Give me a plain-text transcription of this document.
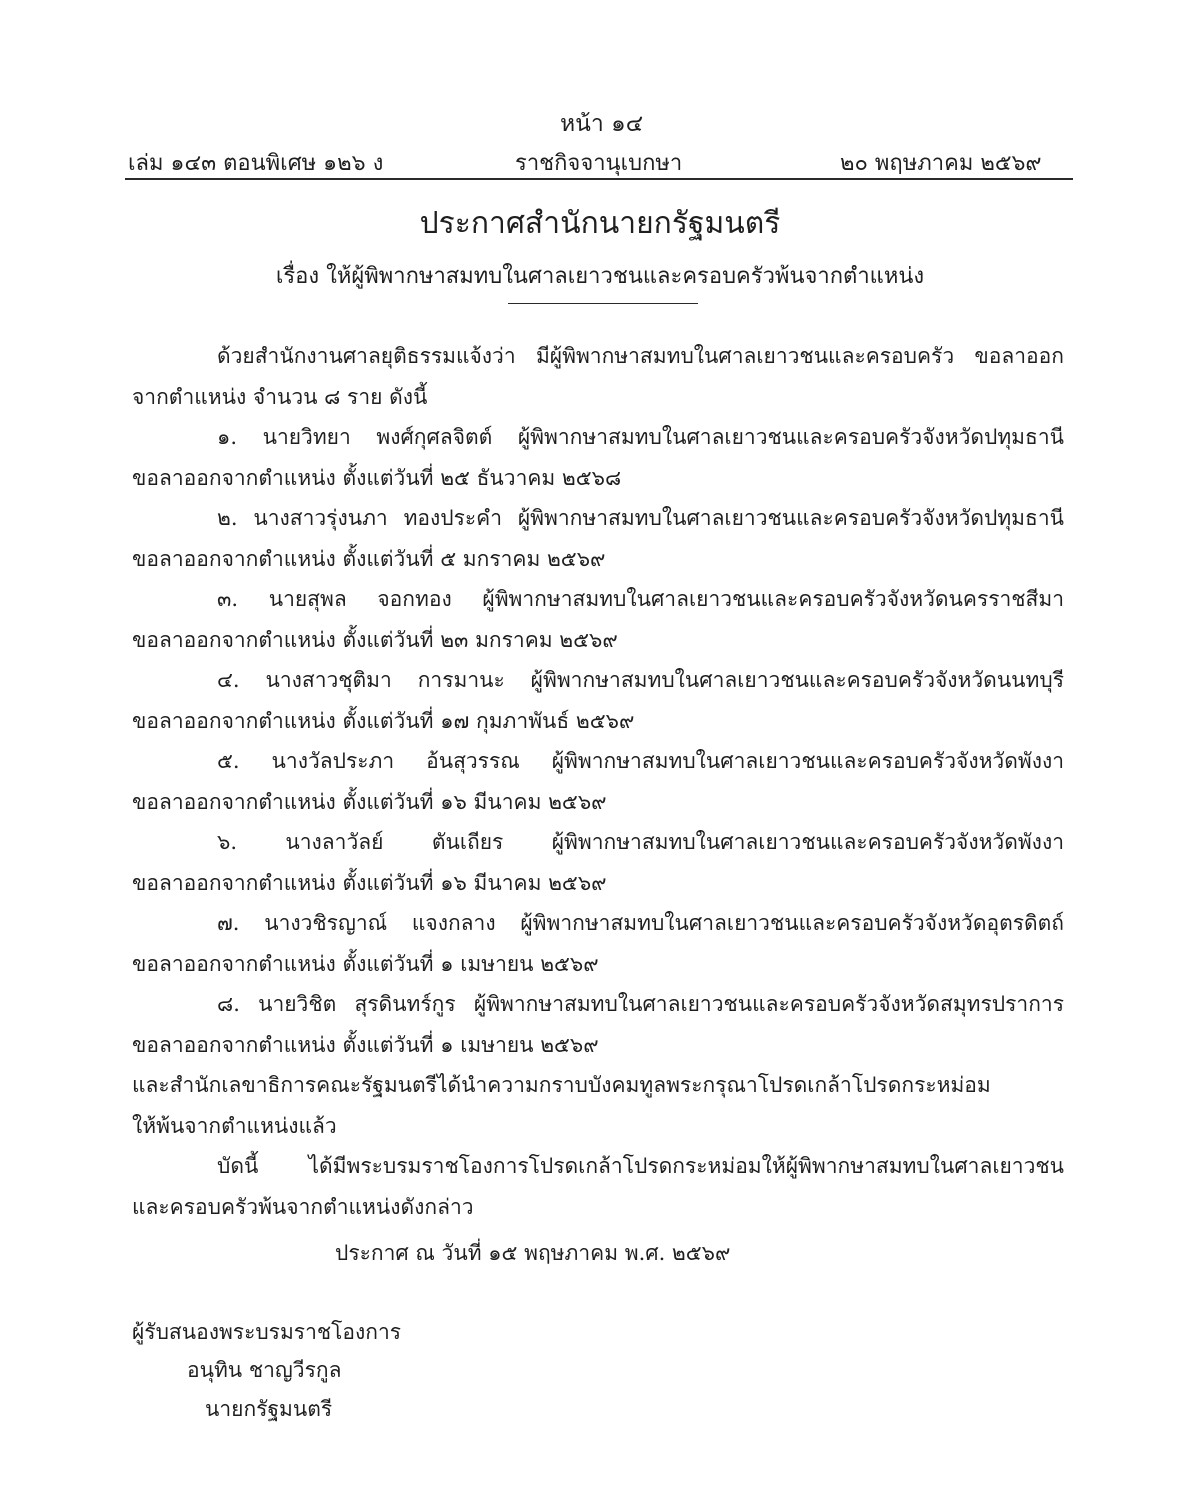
หน้า ๑๔
เล่ม ๑๔๓ ตอนพิเศษ ๑๒๖ ง	ราชกิจจานุเบกษา	๒๐ พฤษภาคม ๒๕๖๙
ประกาศสำนักนายกรัฐมนตรี
เรื่อง ให้ผู้พิพากษาสมทบในศาลเยาวชนและครอบครัวพ้นจากตำแหน่ง
ด้วยสำนักงานศาลยุติธรรมแจ้งว่า มีผู้พิพากษาสมทบในศาลเยาวชนและครอบครัว ขอลาออก
จากตำแหน่ง จำนวน ๘ ราย ดังนี้
๑. นายวิทยา พงศ์กุศลจิตต์ ผู้พิพากษาสมทบในศาลเยาวชนและครอบครัวจังหวัดปทุมธานี
ขอลาออกจากตำแหน่ง ตั้งแต่วันที่ ๒๕ ธันวาคม ๒๕๖๘
๒. นางสาวรุ่งนภา ทองประคำ ผู้พิพากษาสมทบในศาลเยาวชนและครอบครัวจังหวัดปทุมธานี
ขอลาออกจากตำแหน่ง ตั้งแต่วันที่ ๕ มกราคม ๒๕๖๙
๓. นายสุพล จอกทอง ผู้พิพากษาสมทบในศาลเยาวชนและครอบครัวจังหวัดนครราชสีมา
ขอลาออกจากตำแหน่ง ตั้งแต่วันที่ ๒๓ มกราคม ๒๕๖๙
๔. นางสาวชุติมา การมานะ ผู้พิพากษาสมทบในศาลเยาวชนและครอบครัวจังหวัดนนทบุรี
ขอลาออกจากตำแหน่ง ตั้งแต่วันที่ ๑๗ กุมภาพันธ์ ๒๕๖๙
๕. นางวัลประภา อ้นสุวรรณ ผู้พิพากษาสมทบในศาลเยาวชนและครอบครัวจังหวัดพังงา
ขอลาออกจากตำแหน่ง ตั้งแต่วันที่ ๑๖ มีนาคม ๒๕๖๙
๖. นางลาวัลย์ ตันเถียร ผู้พิพากษาสมทบในศาลเยาวชนและครอบครัวจังหวัดพังงา
ขอลาออกจากตำแหน่ง ตั้งแต่วันที่ ๑๖ มีนาคม ๒๕๖๙
๗. นางวชิรญาณ์ แจงกลาง ผู้พิพากษาสมทบในศาลเยาวชนและครอบครัวจังหวัดอุตรดิตถ์
ขอลาออกจากตำแหน่ง ตั้งแต่วันที่ ๑ เมษายน ๒๕๖๙
๘. นายวิชิต สุรดินทร์กูร ผู้พิพากษาสมทบในศาลเยาวชนและครอบครัวจังหวัดสมุทรปราการ
ขอลาออกจากตำแหน่ง ตั้งแต่วันที่ ๑ เมษายน ๒๕๖๙
และสำนักเลขาธิการคณะรัฐมนตรีได้นำความกราบบังคมทูลพระกรุณาโปรดเกล้าโปรดกระหม่อม
ให้พ้นจากตำแหน่งแล้ว
บัดนี้ ได้มีพระบรมราชโองการโปรดเกล้าโปรดกระหม่อมให้ผู้พิพากษาสมทบในศาลเยาวชน
และครอบครัวพ้นจากตำแหน่งดังกล่าว
ประกาศ ณ วันที่ ๑๕ พฤษภาคม พ.ศ. ๒๕๖๙
ผู้รับสนองพระบรมราชโองการ
อนุทิน ชาญวีรกูล
นายกรัฐมนตรี
